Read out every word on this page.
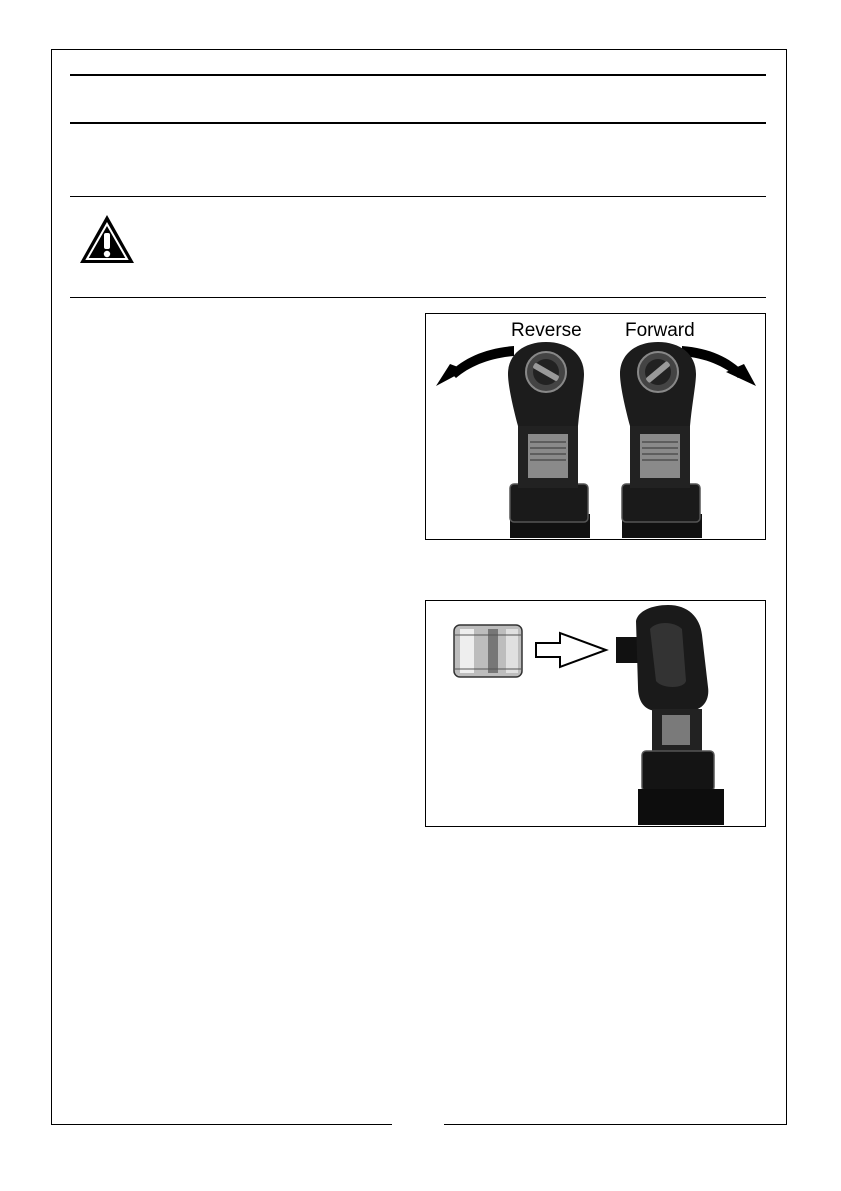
Reverse Forward
